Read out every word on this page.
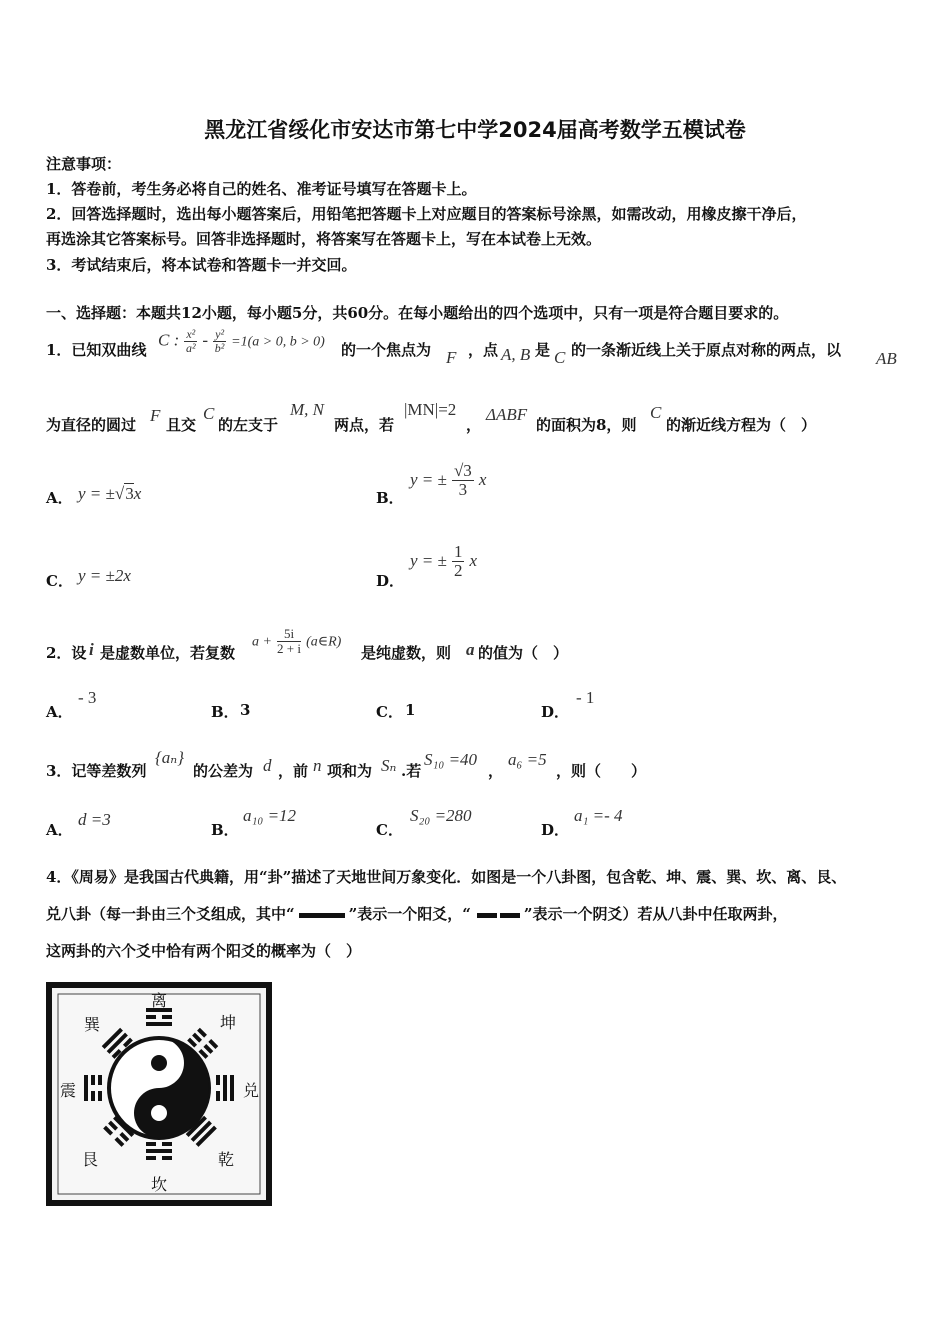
黑龙江省绥化市安达市第七中学2024届高考数学五模试卷
注意事项：
1．答卷前，考生务必将自己的姓名、准考证号填写在答题卡上。
2．回答选择题时，选出每小题答案后，用铅笔把答题卡上对应题目的答案标号涂黑，如需改动，用橡皮擦干净后，
再选涂其它答案标号。回答非选择题时，将答案写在答题卡上，写在本试卷上无效。
3．考试结束后，将本试卷和答题卡一并交回。
一、选择题：本题共12小题，每小题5分，共60分。在每小题给出的四个选项中，只有一项是符合题目要求的。
1．已知双曲线
C : $\frac{\text{x²}}{\text{a²}} - \frac{\text{y²}}{\text{b²}} =1(a > 0$, b > 0) 的一个焦点为 F ，点 A, B 是 C 的一条渐近线上关于原点对称的两点，以 AB
为直径的圆过 F 且交
C
的左支于
M, N
两点，若
|MN|=2
，
ΔABF
的面积为8，则
C
的渐近线方程为（　）
A． y = ±√3x	B．
y = ± $\frac{√3}{3}$ x
C． y = ±2x	D．
y = ± $\frac{1}{2}$ x
2．设 i 是虚数单位，若复数
$a + \frac{5i}{2 + i}$ (a∈R)
是纯虚数，则 a 的值为（　）
A．
- 3
B． 3	C． 1	D．
- 1
3．记等差数列
{aₙ}
的公差为 d ，前 n 项和为 Sₙ .若
S₁₀ =40
，
a₆ =5
，则（　　）
A．
d =3
B．
a₁₀ =12
C．
S₂₀ =280
D．
a₁ =- 4
4．《周易》是我国古代典籍，用“卦”描述了天地世间万象变化．如图是一个八卦图，包含乾、坤、震、巽、坎、离、艮、
兑八卦（每一卦由三个爻组成，其中“	”表示一个阳爻，“	”表示一个阴爻）若从八卦中任取两卦，
这两卦的六个爻中恰有两个阳爻的概率为（　）
离
坤
兑
乾
坎
艮
震
巽
